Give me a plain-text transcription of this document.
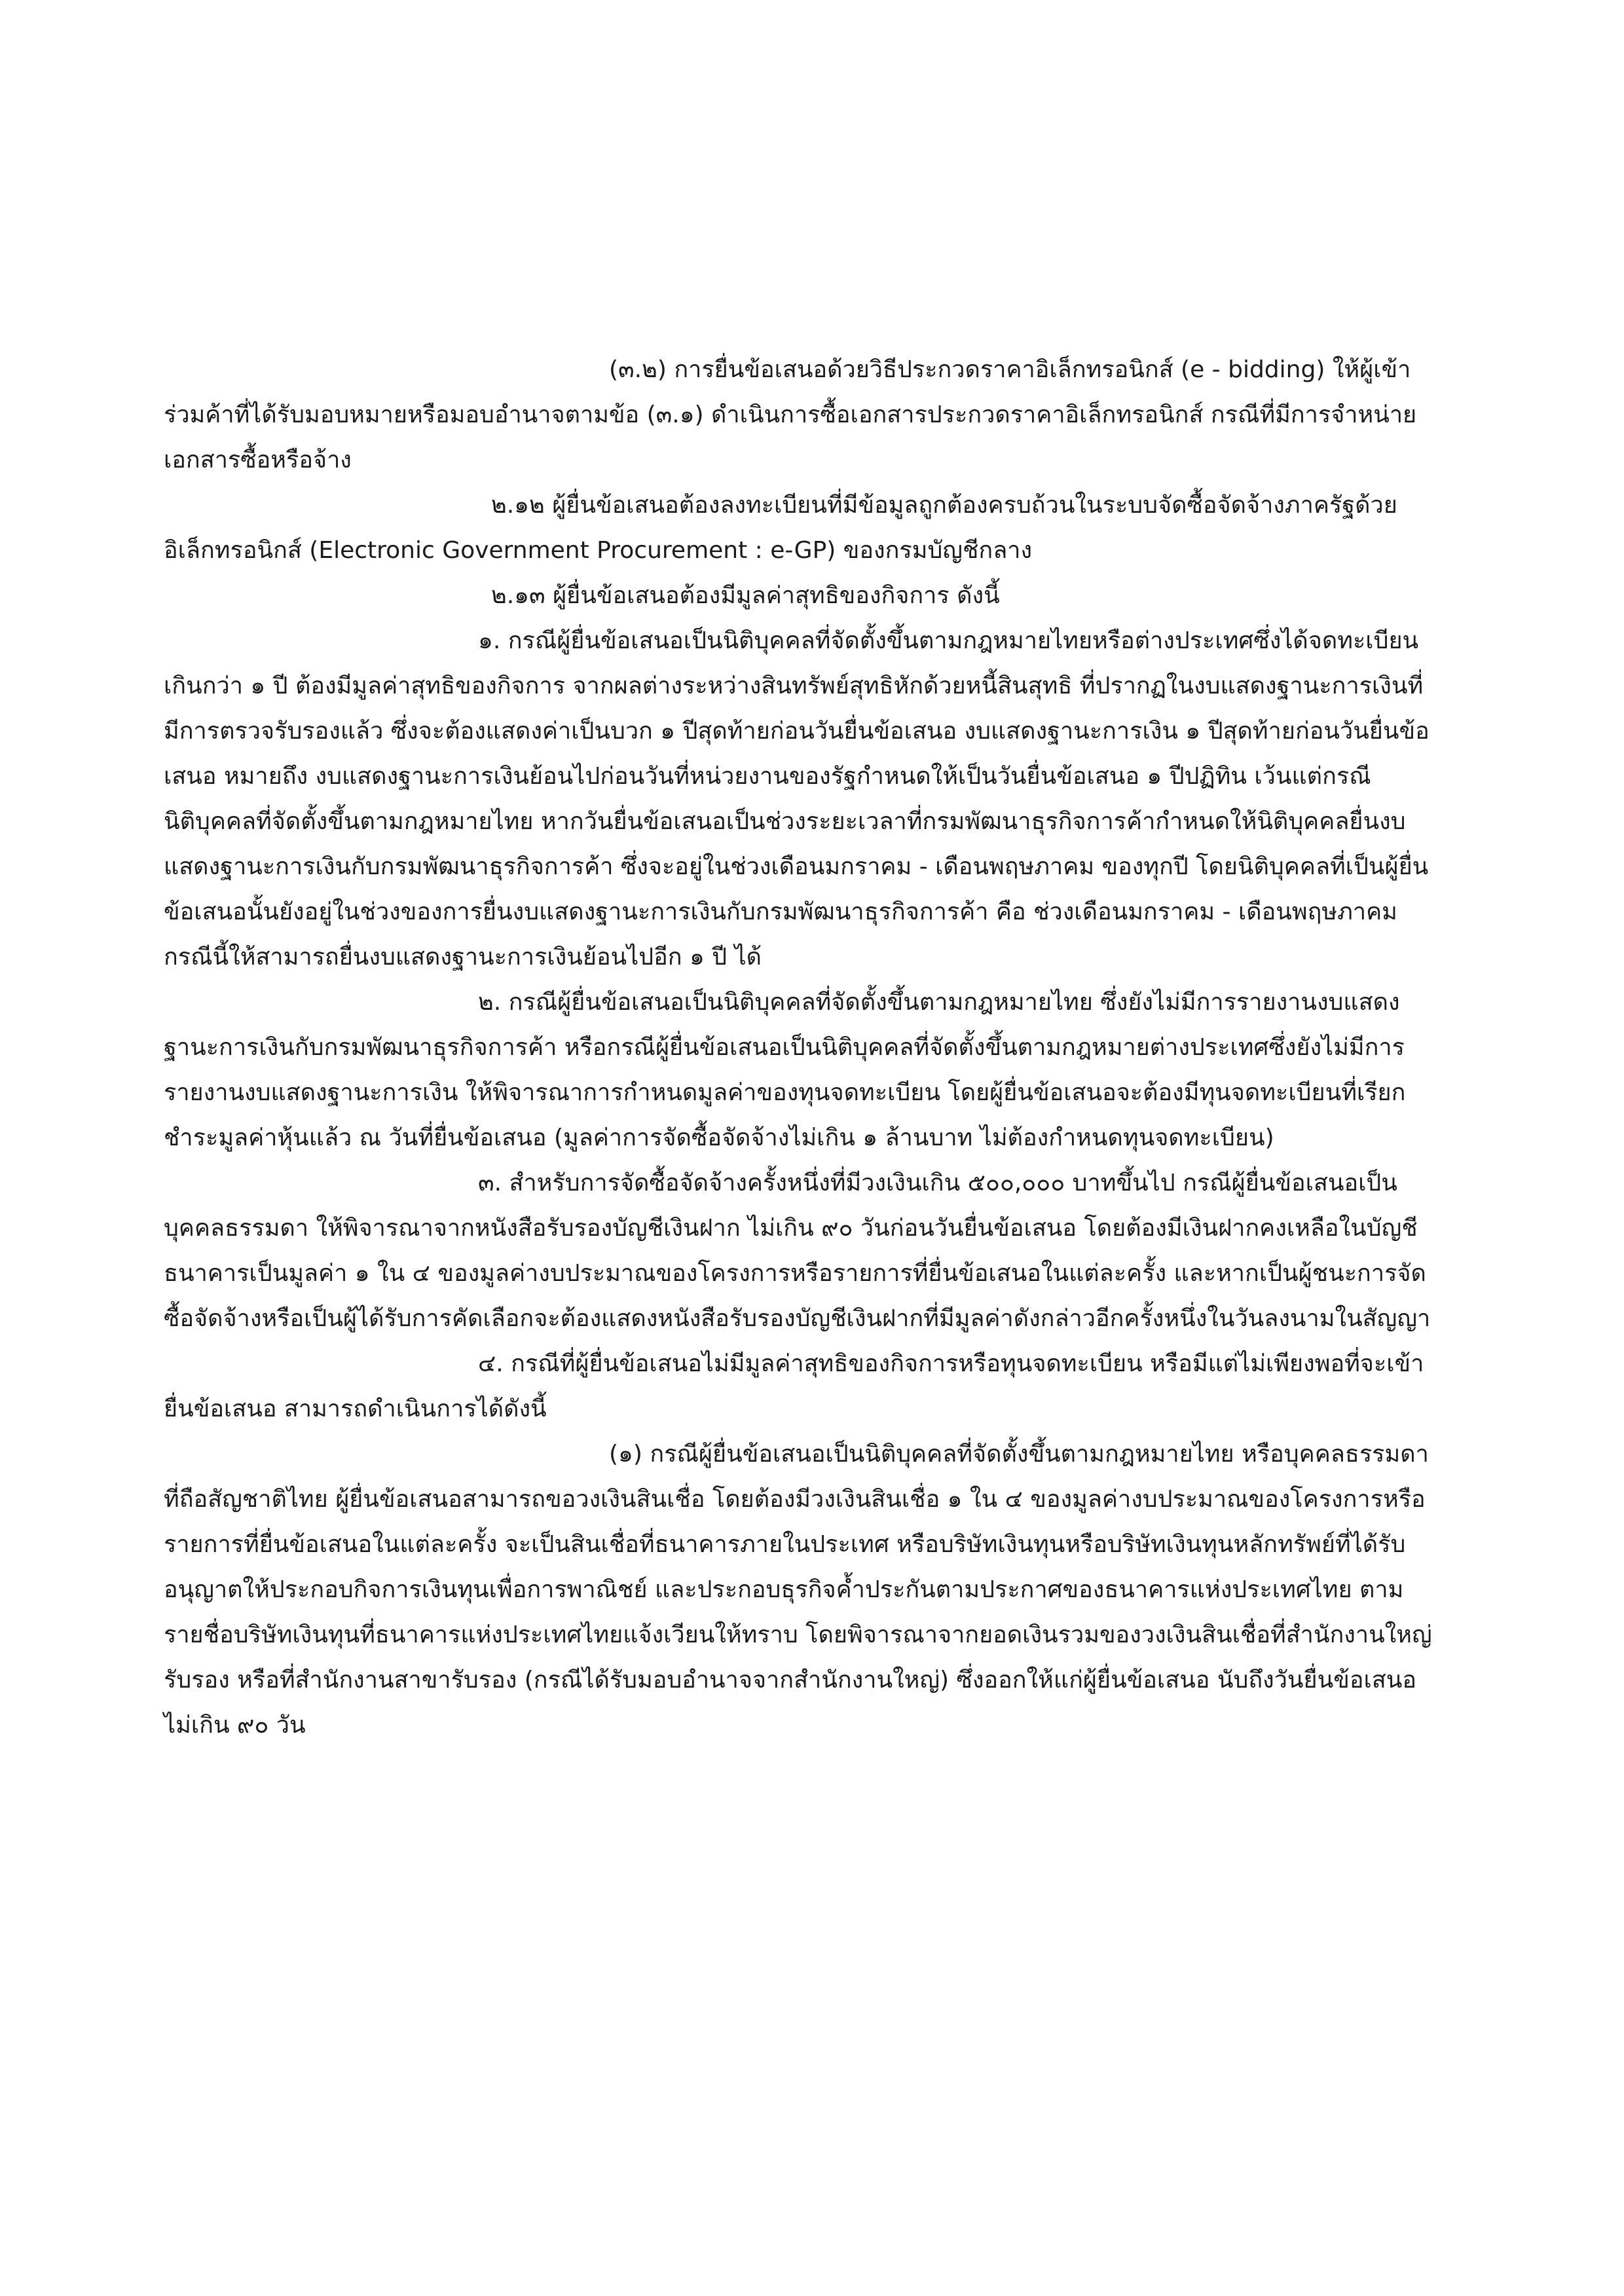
(๓.๒) การยื่นข้อเสนอด้วยวิธีประกวดราคาอิเล็กทรอนิกส์ (e - bidding) ให้ผู้เข้าร่วมค้าที่ได้รับมอบหมายหรือมอบอำนาจตามข้อ (๓.๑) ดำเนินการซื้อเอกสารประกวดราคาอิเล็กทรอนิกส์ กรณีที่มีการจำหน่ายเอกสารซื้อหรือจ้าง

๒.๑๒ ผู้ยื่นข้อเสนอต้องลงทะเบียนที่มีข้อมูลถูกต้องครบถ้วนในระบบจัดซื้อจัดจ้างภาครัฐด้วยอิเล็กทรอนิกส์ (Electronic Government Procurement : e-GP) ของกรมบัญชีกลาง

๒.๑๓ ผู้ยื่นข้อเสนอต้องมีมูลค่าสุทธิของกิจการ ดังนี้

๑. กรณีผู้ยื่นข้อเสนอเป็นนิติบุคคลที่จัดตั้งขึ้นตามกฎหมายไทยหรือต่างประเทศซึ่งได้จดทะเบียนเกินกว่า ๑ ปี ต้องมีมูลค่าสุทธิของกิจการ จากผลต่างระหว่างสินทรัพย์สุทธิหักด้วยหนี้สินสุทธิ ที่ปรากฏในงบแสดงฐานะการเงินที่มีการตรวจรับรองแล้ว ซึ่งจะต้องแสดงค่าเป็นบวก ๑ ปีสุดท้ายก่อนวันยื่นข้อเสนอ งบแสดงฐานะการเงิน ๑ ปีสุดท้ายก่อนวันยื่นข้อเสนอ หมายถึง งบแสดงฐานะการเงินย้อนไปก่อนวันที่หน่วยงานของรัฐกำหนดให้เป็นวันยื่นข้อเสนอ ๑ ปีปฏิทิน เว้นแต่กรณีนิติบุคคลที่จัดตั้งขึ้นตามกฎหมายไทย หากวันยื่นข้อเสนอเป็นช่วงระยะเวลาที่กรมพัฒนาธุรกิจการค้ากำหนดให้นิติบุคคลยื่นงบแสดงฐานะการเงินกับกรมพัฒนาธุรกิจการค้า ซึ่งจะอยู่ในช่วงเดือนมกราคม - เดือนพฤษภาคม ของทุกปี โดยนิติบุคคลที่เป็นผู้ยื่นข้อเสนอนั้นยังอยู่ในช่วงของการยื่นงบแสดงฐานะการเงินกับกรมพัฒนาธุรกิจการค้า คือ ช่วงเดือนมกราคม - เดือนพฤษภาคม กรณีนี้ให้สามารถยื่นงบแสดงฐานะการเงินย้อนไปอีก ๑ ปี ได้

๒. กรณีผู้ยื่นข้อเสนอเป็นนิติบุคคลที่จัดตั้งขึ้นตามกฎหมายไทย ซึ่งยังไม่มีการรายงานงบแสดงฐานะการเงินกับกรมพัฒนาธุรกิจการค้า หรือกรณีผู้ยื่นข้อเสนอเป็นนิติบุคคลที่จัดตั้งขึ้นตามกฎหมายต่างประเทศซึ่งยังไม่มีการรายงานงบแสดงฐานะการเงิน ให้พิจารณาการกำหนดมูลค่าของทุนจดทะเบียน โดยผู้ยื่นข้อเสนอจะต้องมีทุนจดทะเบียนที่เรียกชำระมูลค่าหุ้นแล้ว ณ วันที่ยื่นข้อเสนอ (มูลค่าการจัดซื้อจัดจ้างไม่เกิน ๑ ล้านบาท ไม่ต้องกำหนดทุนจดทะเบียน)

๓. สำหรับการจัดซื้อจัดจ้างครั้งหนึ่งที่มีวงเงินเกิน ๕๐๐,๐๐๐ บาทขึ้นไป กรณีผู้ยื่นข้อเสนอเป็นบุคคลธรรมดา ให้พิจารณาจากหนังสือรับรองบัญชีเงินฝาก ไม่เกิน ๙๐ วันก่อนวันยื่นข้อเสนอ โดยต้องมีเงินฝากคงเหลือในบัญชีธนาคารเป็นมูลค่า ๑ ใน ๔ ของมูลค่างบประมาณของโครงการหรือรายการที่ยื่นข้อเสนอในแต่ละครั้ง และหากเป็นผู้ชนะการจัดซื้อจัดจ้างหรือเป็นผู้ได้รับการคัดเลือกจะต้องแสดงหนังสือรับรองบัญชีเงินฝากที่มีมูลค่าดังกล่าวอีกครั้งหนึ่งในวันลงนามในสัญญา

๔. กรณีที่ผู้ยื่นข้อเสนอไม่มีมูลค่าสุทธิของกิจการหรือทุนจดทะเบียน หรือมีแต่ไม่เพียงพอที่จะเข้ายื่นข้อเสนอ สามารถดำเนินการได้ดังนี้

(๑) กรณีผู้ยื่นข้อเสนอเป็นนิติบุคคลที่จัดตั้งขึ้นตามกฎหมายไทย หรือบุคคลธรรมดาที่ถือสัญชาติไทย ผู้ยื่นข้อเสนอสามารถขอวงเงินสินเชื่อ โดยต้องมีวงเงินสินเชื่อ ๑ ใน ๔ ของมูลค่างบประมาณของโครงการหรือรายการที่ยื่นข้อเสนอในแต่ละครั้ง จะเป็นสินเชื่อที่ธนาคารภายในประเทศ หรือบริษัทเงินทุนหรือบริษัทเงินทุนหลักทรัพย์ที่ได้รับอนุญาตให้ประกอบกิจการเงินทุนเพื่อการพาณิชย์ และประกอบธุรกิจค้ำประกันตามประกาศของธนาคารแห่งประเทศไทย ตามรายชื่อบริษัทเงินทุนที่ธนาคารแห่งประเทศไทยแจ้งเวียนให้ทราบ โดยพิจารณาจากยอดเงินรวมของวงเงินสินเชื่อที่สำนักงานใหญ่รับรอง หรือที่สำนักงานสาขารับรอง (กรณีได้รับมอบอำนาจจากสำนักงานใหญ่) ซึ่งออกให้แก่ผู้ยื่นข้อเสนอ นับถึงวันยื่นข้อเสนอไม่เกิน ๙๐ วัน
